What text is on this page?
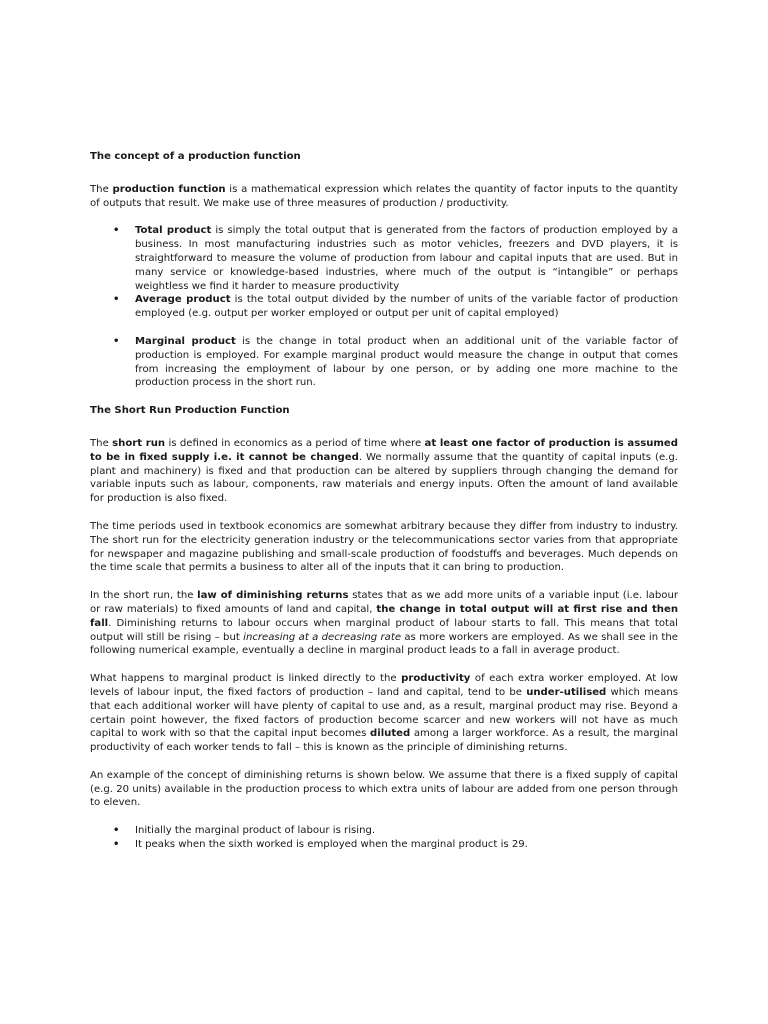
The concept of a production function

The production function is a mathematical expression which relates the quantity of factor inputs to the quantity of outputs that result. We make use of three measures of production / productivity.

• Total product is simply the total output that is generated from the factors of production employed by a business. In most manufacturing industries such as motor vehicles, freezers and DVD players, it is straightforward to measure the volume of production from labour and capital inputs that are used. But in many service or knowledge-based industries, where much of the output is “intangible” or perhaps weightless we find it harder to measure productivity
• Average product is the total output divided by the number of units of the variable factor of production employed (e.g. output per worker employed or output per unit of capital employed)
• Marginal product is the change in total product when an additional unit of the variable factor of production is employed. For example marginal product would measure the change in output that comes from increasing the employment of labour by one person, or by adding one more machine to the production process in the short run.
The Short Run Production Function

The short run is defined in economics as a period of time where at least one factor of production is assumed to be in fixed supply i.e. it cannot be changed. We normally assume that the quantity of capital inputs (e.g. plant and machinery) is fixed and that production can be altered by suppliers through changing the demand for variable inputs such as labour, components, raw materials and energy inputs. Often the amount of land available for production is also fixed.

The time periods used in textbook economics are somewhat arbitrary because they differ from industry to industry. The short run for the electricity generation industry or the telecommunications sector varies from that appropriate for newspaper and magazine publishing and small-scale production of foodstuffs and beverages. Much depends on the time scale that permits a business to alter all of the inputs that it can bring to production.

In the short run, the law of diminishing returns states that as we add more units of a variable input (i.e. labour or raw materials) to fixed amounts of land and capital, the change in total output will at first rise and then fall. Diminishing returns to labour occurs when marginal product of labour starts to fall. This means that total output will still be rising – but increasing at a decreasing rate as more workers are employed. As we shall see in the following numerical example, eventually a decline in marginal product leads to a fall in average product.

What happens to marginal product is linked directly to the productivity of each extra worker employed. At low levels of labour input, the fixed factors of production – land and capital, tend to be under-utilised which means that each additional worker will have plenty of capital to use and, as a result, marginal product may rise. Beyond a certain point however, the fixed factors of production become scarcer and new workers will not have as much capital to work with so that the capital input becomes diluted among a larger workforce. As a result, the marginal productivity of each worker tends to fall – this is known as the principle of diminishing returns.

An example of the concept of diminishing returns is shown below. We assume that there is a fixed supply of capital (e.g. 20 units) available in the production process to which extra units of labour are added from one person through to eleven.

• Initially the marginal product of labour is rising.
• It peaks when the sixth worked is employed when the marginal product is 29.
